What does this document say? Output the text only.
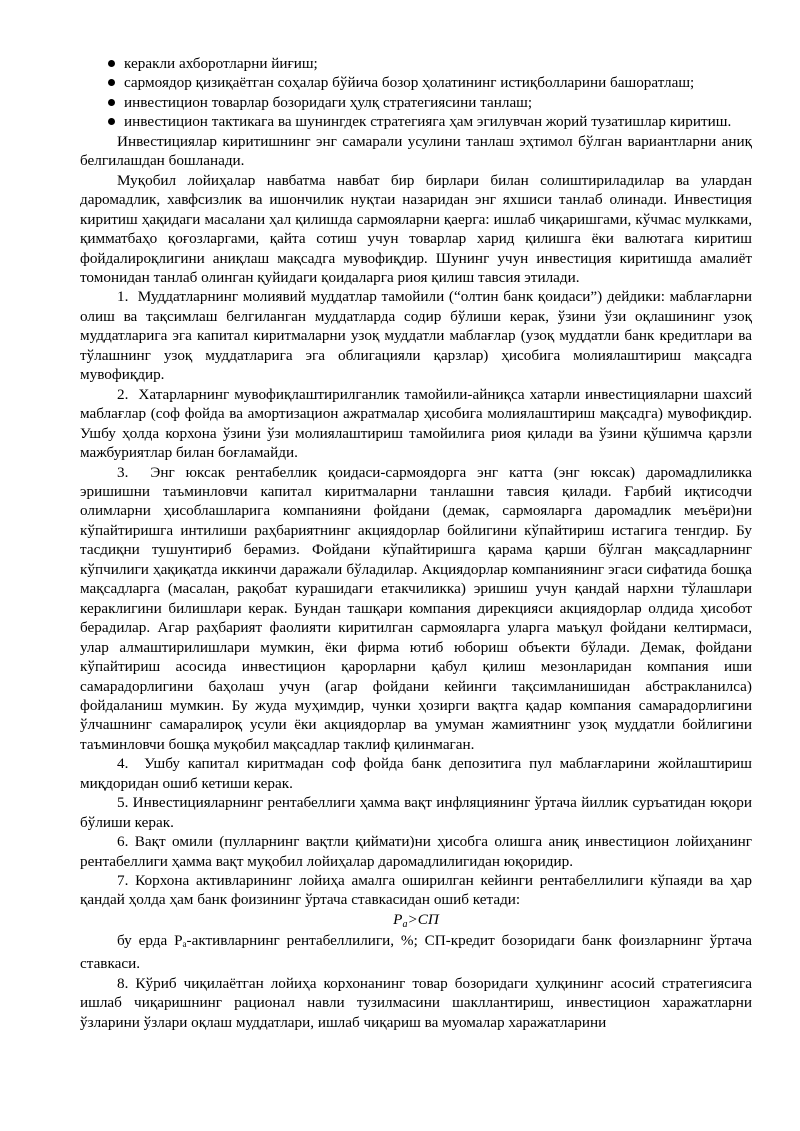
керакли ахборотларни йиғиш;
сармоядор қизиқаётган соҳалар бўйича бозор ҳолатининг истиқболларини башоратлаш;
инвестицион товарлар бозоридаги ҳулқ стратегиясини танлаш;
инвестицион тактикага ва шунингдек стратегияга ҳам эгилувчан жорий тузатишлар киритиш.

Инвестициялар киритишнинг энг самарали усулини танлаш эҳтимол бўлган вариантларни аниқ белгилашдан бошланади.

Муқобил лойиҳалар навбатма навбат бир бирлари билан солиштириладилар ва улардан даромадлик, хавфсизлик ва ишончилик нуқтаи назаридан энг яхшиси танлаб олинади. Инвестиция киритиш ҳақидаги масалани ҳал қилишда сармояларни қаерга: ишлаб чиқаришгами, кўчмас мулкками, қимматбаҳо қоғозларгами, қайта сотиш учун товарлар харид қилишга ёки валютага киритиш фойдалироқлигини аниқлаш мақсадга мувофиқдир. Шунинг учун инвестиция киритишда амалиёт томонидан танлаб олинган қуйидаги қоидаларга риоя қилиш тавсия этилади.

1.  Муддатларнинг молиявий муддатлар тамойили (“олтин банк қоидаси”) дейдики: маблағларни олиш ва тақсимлаш белгиланган муддатларда содир бўлиши керак, ўзини ўзи оқлашининг узоқ муддатларига эга капитал киритмаларни узоқ муддатли маблағлар (узоқ муддатли банк кредитлари ва тўлашнинг узоқ муддатларига эга облигацияли қарзлар) ҳисобига молиялаштириш мақсадга мувофиқдир.

2.  Хатарларнинг мувофиқлаштирилганлик тамойили-айниқса хатарли инвестицияларни шахсий маблағлар (соф фойда ва амортизацион ажратмалар ҳисобига молиялаштириш мақсадга) мувофиқдир. Ушбу ҳолда корхона ўзини ўзи молиялаштириш тамойилига риоя қилади ва ўзини қўшимча қарзли мажбуриятлар билан боғламайди.

3.  Энг юксак рентабеллик қоидаси-сармоядорга энг катта (энг юксак) даромадлиликка эришишни таъминловчи капитал киритмаларни танлашни тавсия қилади. Ғарбий иқтисодчи олимларни ҳисоблашларига компанияни фойдани (демак, сармояларга даромадлик меъёри)ни кўпайтиришга интилиши раҳбариятнинг акциядорлар бойлигини кўпайтириш истагига тенгдир. Бу тасдиқни тушунтириб берамиз. Фойдани кўпайтиришга қарама қарши бўлган мақсадларнинг кўпчилиги ҳақиқатда иккинчи даражали бўладилар. Акциядорлар компаниянинг эгаси сифатида бошқа мақсадларга (масалан, рақобат курашидаги етакчиликка) эришиш учун қандай нархни тўлашлари кераклигини билишлари керак. Бундан ташқари компания дирекцияси акциядорлар олдида ҳисобот берадилар. Агар раҳбарият фаолияти киритилган сармояларга уларга маъқул фойдани келтирмаси, улар алмаштирилишлари мумкин, ёки фирма ютиб юбориш объекти бўлади. Демак, фойдани кўпайтириш асосида инвестицион қарорларни қабул қилиш мезонларидан компания иши самарадорлигини баҳолаш учун (агар фойдани кейинги тақсимланишидан абстракланилса) фойдаланиш мумкин. Бу жуда муҳимдир, чунки ҳозирги вақтга қадар компания самарадорлигини ўлчашнинг самаралироқ усули ёки акциядорлар ва умуман жамиятнинг узоқ муддатли бойлигини таъминловчи бошқа муқобил мақсадлар таклиф қилинмаган.

4.  Ушбу капитал киритмадан соф фойда банк депозитига пул маблағларини жойлаштириш миқдоридан ошиб кетиши керак.

5. Инвестицияларнинг рентабеллиги ҳамма вақт инфляциянинг ўртача йиллик суръатидан юқори бўлиши керак.

6. Вақт омили (пулларнинг вақтли қиймати)ни ҳисобга олишга аниқ инвестицион лойиҳанинг рентабеллиги ҳамма вақт муқобил лойиҳалар даромадлилигидан юқоридир.

7. Корхона активларининг лойиҳа амалга оширилган кейинги рентабеллилиги кўпаяди ва ҳар қандай ҳолда ҳам банк фоизининг ўртача ставкасидан ошиб кетади:

$Р_а>СП$

бу ерда Ра-активларнинг рентабеллилиги, %; СП-кредит бозоридаги банк фоизларнинг ўртача ставкаси.

8. Кўриб чиқилаётган лойиҳа корхонанинг товар бозоридаги ҳулқининг асосий стратегиясига ишлаб чиқаришнинг рационал навли тузилмасини шакллантириш, инвестицион харажатларни ўзларини ўзлари оқлаш муддатлари, ишлаб чиқариш ва муомалар харажатларини
